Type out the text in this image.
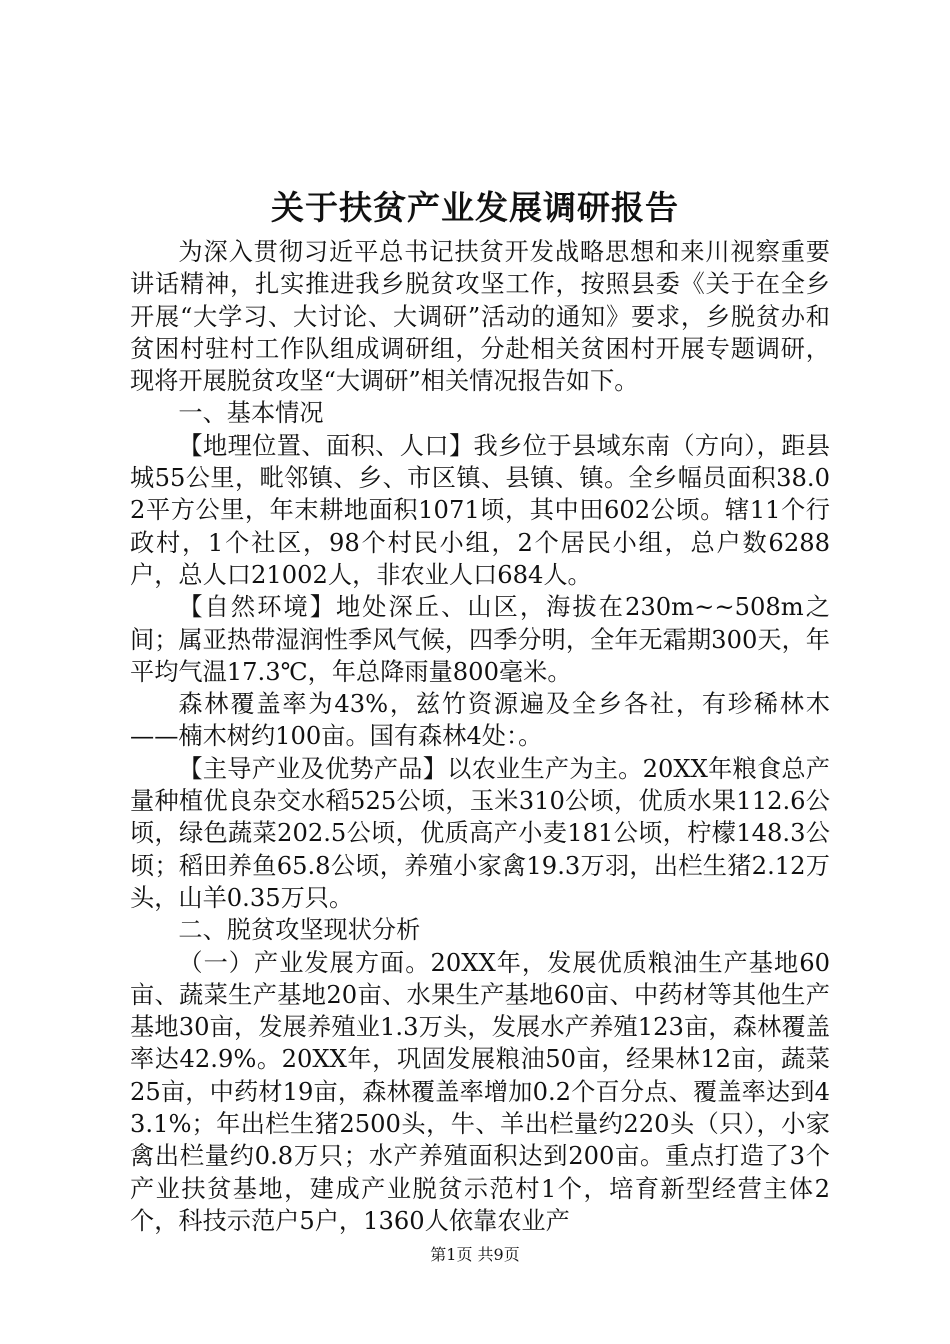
关于扶贫产业发展调研报告

为深入贯彻习近平总书记扶贫开发战略思想和来川视察重要讲话精神，扎实推进我乡脱贫攻坚工作，按照县委《关于在全乡开展“大学习、大讨论、大调研”活动的通知》要求，乡脱贫办和贫困村驻村工作队组成调研组，分赴相关贫困村开展专题调研，现将开展脱贫攻坚“大调研”相关情况报告如下。

一、基本情况

【地理位置、面积、人口】我乡位于县域东南（方向），距县城55公里，毗邻镇、乡、市区镇、县镇、镇。全乡幅员面积38.02平方公里，年末耕地面积1071顷，其中田602公顷。辖11个行政村，1个社区，98个村民小组，2个居民小组，总户数6288户，总人口21002人，非农业人口684人。

【自然环境】地处深丘、山区，海拔在230m~~508m之间；属亚热带湿润性季风气候，四季分明，全年无霜期300天，年平均气温17.3℃，年总降雨量800毫米。

森林覆盖率为43%，兹竹资源遍及全乡各社，有珍稀林木——楠木树约100亩。国有森林4处：。

【主导产业及优势产品】以农业生产为主。20XX年粮食总产量种植优良杂交水稻525公顷，玉米310公顷，优质水果112.6公顷，绿色蔬菜202.5公顷，优质高产小麦181公顷，柠檬148.3公顷；稻田养鱼65.8公顷，养殖小家禽19.3万羽，出栏生猪2.12万头，山羊0.35万只。

二、脱贫攻坚现状分析

（一）产业发展方面。20XX年，发展优质粮油生产基地60亩、蔬菜生产基地20亩、水果生产基地60亩、中药材等其他生产基地30亩，发展养殖业1.3万头，发展水产养殖123亩，森林覆盖率达42.9%。20XX年，巩固发展粮油50亩，经果林12亩，蔬菜25亩，中药材19亩，森林覆盖率增加0.2个百分点、覆盖率达到43.1%；年出栏生猪2500头，牛、羊出栏量约220头（只），小家禽出栏量约0.8万只；水产养殖面积达到200亩。重点打造了3个产业扶贫基地，建成产业脱贫示范村1个，培育新型经营主体2个，科技示范户5户，1360人依靠农业产

第1页 共9页
